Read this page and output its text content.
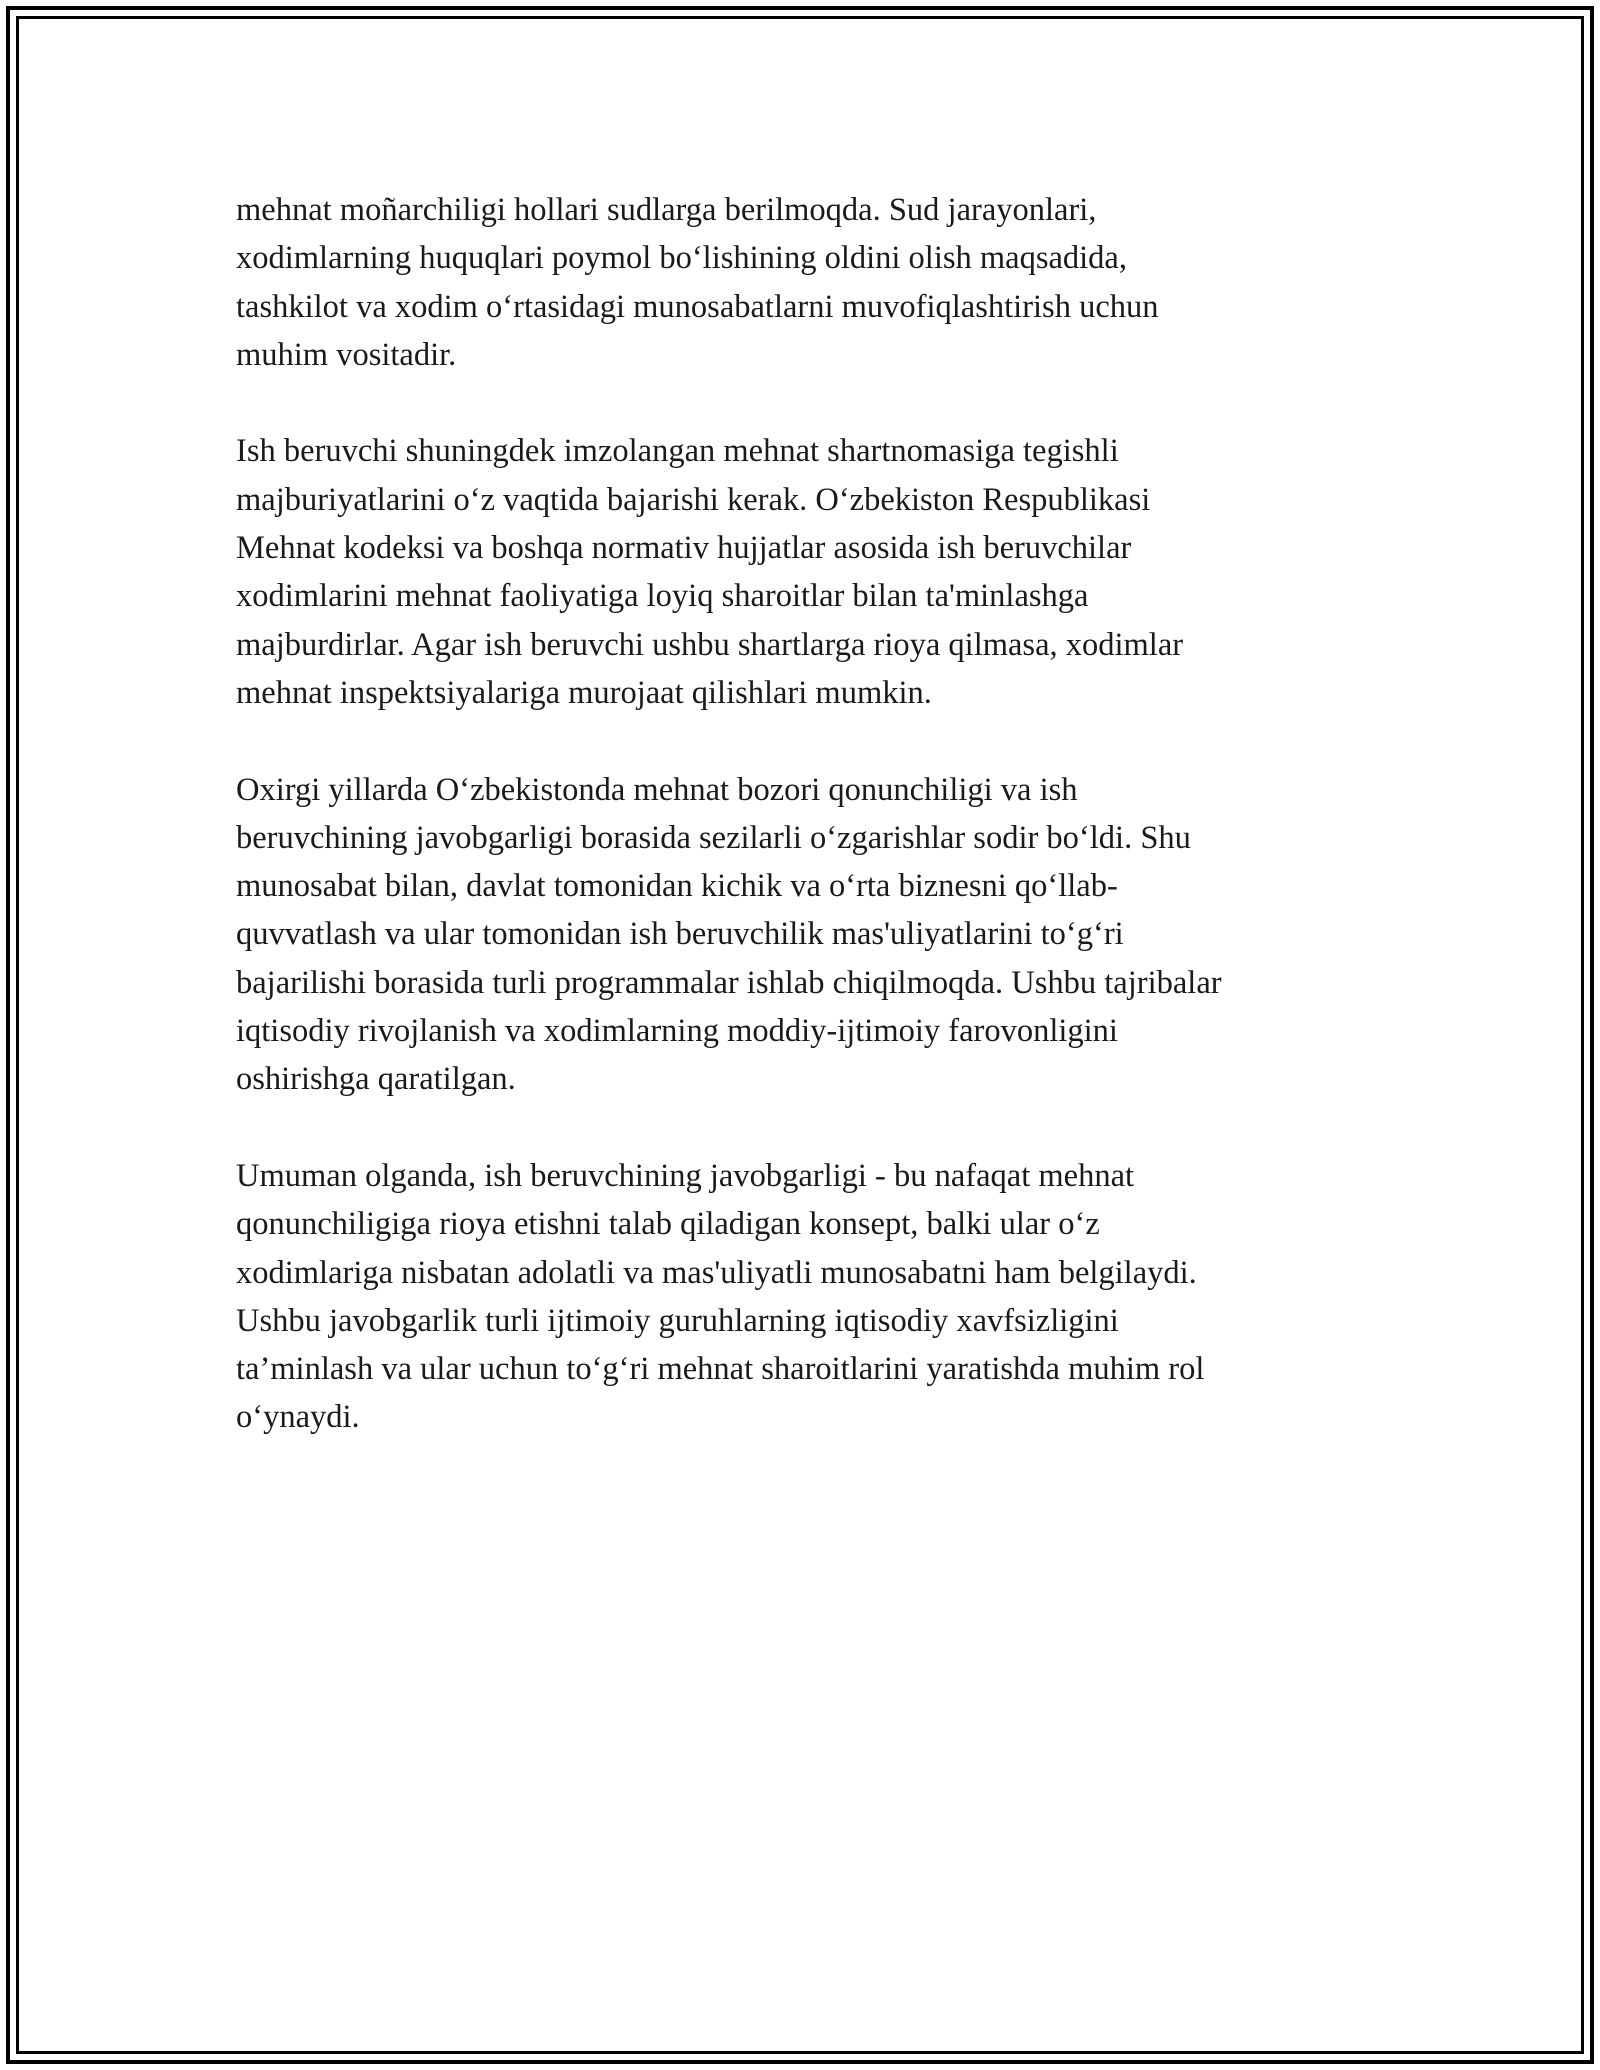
mehnat moñarchiligi hollari sudlarga berilmoqda. Sud jarayonlari,
xodimlarning huquqlari poymol bo‘lishining oldini olish maqsadida,
tashkilot va xodim o‘rtasidagi munosabatlarni muvofiqlashtirish uchun
muhim vositadir.

Ish beruvchi shuningdek imzolangan mehnat shartnomasiga tegishli
majburiyatlarini o‘z vaqtida bajarishi kerak. O‘zbekiston Respublikasi
Mehnat kodeksi va boshqa normativ hujjatlar asosida ish beruvchilar
xodimlarini mehnat faoliyatiga loyiq sharoitlar bilan ta'minlashga
majburdirlar. Agar ish beruvchi ushbu shartlarga rioya qilmasa, xodimlar
mehnat inspektsiyalariga murojaat qilishlari mumkin.

Oxirgi yillarda O‘zbekistonda mehnat bozori qonunchiligi va ish
beruvchining javobgarligi borasida sezilarli o‘zgarishlar sodir bo‘ldi. Shu
munosabat bilan, davlat tomonidan kichik va o‘rta biznesni qo‘llab-
quvvatlash va ular tomonidan ish beruvchilik mas'uliyatlarini to‘g‘ri
bajarilishi borasida turli programmalar ishlab chiqilmoqda. Ushbu tajribalar
iqtisodiy rivojlanish va xodimlarning moddiy-ijtimoiy farovonligini
oshirishga qaratilgan.

Umuman olganda, ish beruvchining javobgarligi - bu nafaqat mehnat
qonunchiligiga rioya etishni talab qiladigan konsept, balki ular o‘z
xodimlariga nisbatan adolatli va mas'uliyatli munosabatni ham belgilaydi.
Ushbu javobgarlik turli ijtimoiy guruhlarning iqtisodiy xavfsizligini
ta’minlash va ular uchun to‘g‘ri mehnat sharoitlarini yaratishda muhim rol
o‘ynaydi.
